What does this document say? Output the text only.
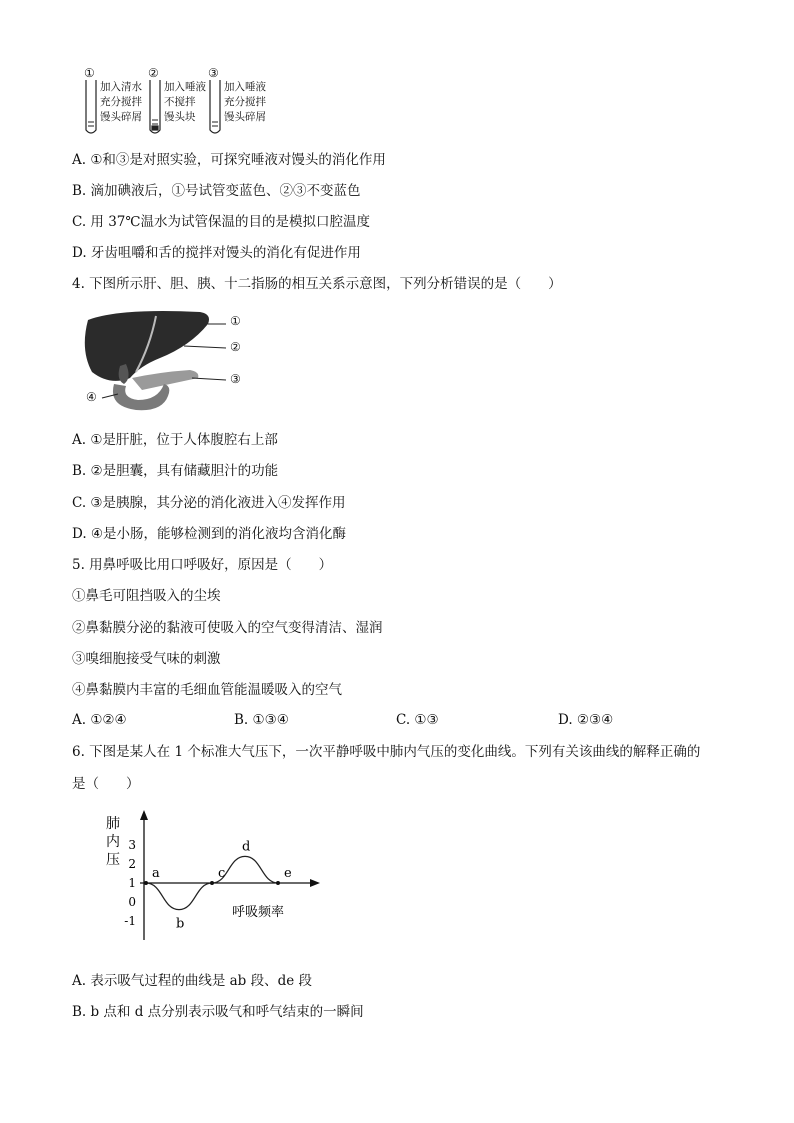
①
加入清水
充分搅拌
馒头碎屑
②
加入唾液
不搅拌
馒头块
③
加入唾液
充分搅拌
馒头碎屑
A. ①和③是对照实验，可探究唾液对馒头的消化作用
B. 滴加碘液后，①号试管变蓝色、②③不变蓝色
C. 用 37℃温水为试管保温的目的是模拟口腔温度
D. 牙齿咀嚼和舌的搅拌对馒头的消化有促进作用
4. 下图所示肝、胆、胰、十二指肠的相互关系示意图，下列分析错误的是（　　）
①
②
③
④
A. ①是肝脏，位于人体腹腔右上部
B. ②是胆囊，具有储藏胆汁的功能
C. ③是胰腺，其分泌的消化液进入④发挥作用
D. ④是小肠，能够检测到的消化液均含消化酶
5. 用鼻呼吸比用口呼吸好，原因是（　　）
①鼻毛可阻挡吸入的尘埃
②鼻黏膜分泌的黏液可使吸入的空气变得清洁、湿润
③嗅细胞接受气味的刺激
④鼻黏膜内丰富的毛细血管能温暖吸入的空气
A. ①②④	B. ①③④	C. ①③	D. ②③④
6. 下图是某人在 1 个标准大气压下，一次平静呼吸中肺内气压的变化曲线。下列有关该曲线的解释正确的
是（　　）
肺
内
压
3
2
1
0
-1
a
b
c
d
e
呼吸频率
A. 表示吸气过程的曲线是 ab 段、de 段
B. b 点和 d 点分别表示吸气和呼气结束的一瞬间
